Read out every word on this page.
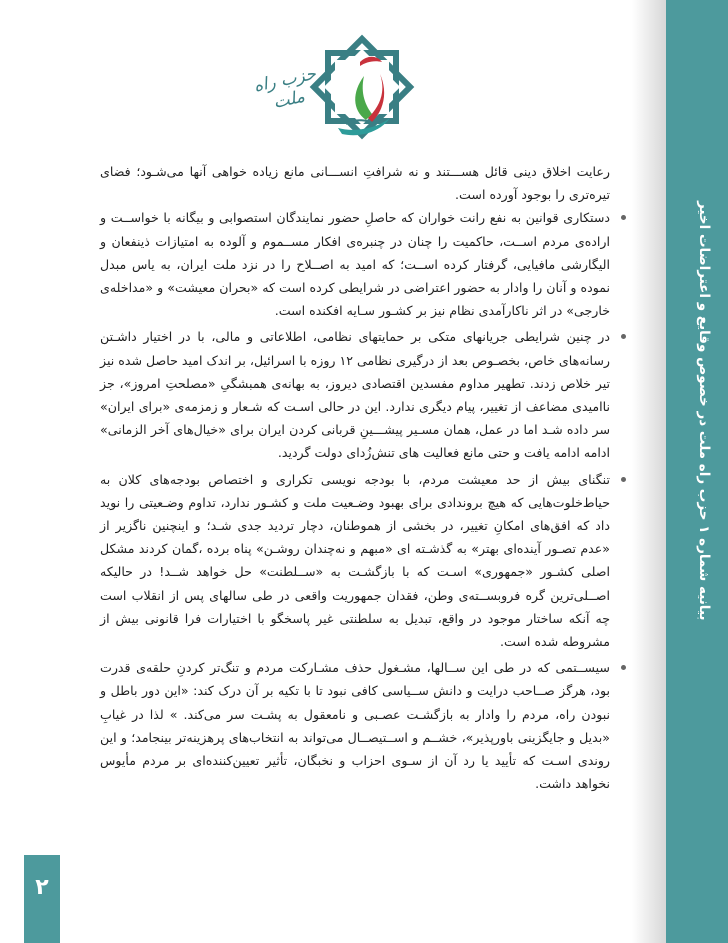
بیانیه شماره ۱ حزب راه ملت در خصوص وقایع و اعتراضات اخیر
۲
حزب راه ملت

رعایت اخلاق دینی قائل هســـتند و نه شرافتِ انســـانی مانع زیاده خواهی آنها می‌شـود؛ فضای تیره‌تری را بوجود آورده است.

دستکاری قوانین به نفع رانت خواران که حاصلِ حضور نمایندگان استصوابی و بیگانه با خواســت و اراده‌ی مردم اســت، حاکمیت را چنان در چنبره‌ی افکار مســموم و آلوده به امتیازات ذینفعان و الیگارشی مافیایی، گرفتار کرده اســت؛ که امید به اصــلاح را در نزد ملت ایران، به یاس مبدل نموده و آنان را وادار به حضور اعتراضی در شرایطی کرده است که «بحران معیشت» و «مداخله‌ی خارجی» در اثر ناکارآمدی نظام نیز بر کشـور سـایه افکنده است.
در چنین شرایطی جریانهای متکی بر حمایتهای نظامی، اطلاعاتی و مالی، با در اختیار داشـتن رسانه‌های خاص، بخصـوص بعد از درگیری نظامی ۱۲ روزه با اسرائیل، بر اندک امید حاصل شده نیز تیر خلاص زدند. تطهیر مداوم مفسدین اقتصادی دیروز، به بهانه‌ی همبشگیِ «مصلحتِ امروز»، جز ناامیدی مضاعف از تغییر، پیام دیگری ندارد. این در حالی اسـت که شـعار و زمزمه‌ی «برای ایران» سر داده شـد اما در عمل، همان مسـیر پیشـــینِ قربانی کردن ایران برای «خیال‌های آخر الزمانی» ادامه ادامه یافت و حتی مانع فعالیت های تنش‌زُدای دولت گردید.
تنگنای بیش از حد معیشت مردم، با بودجه نویسی تکراری و اختصاص بودجه‌های کلان به حیاط‌خلوت‌هایی که هیچ بروندادی برای بهبود وضـعیت ملت و کشـور ندارد، تداوم وضـعیتی را نوید داد که افق‌های امکانِ تغییر، در بخشی از هموطنان، دچار تردید جدی شـد؛ و اینچنین ناگزیر از «عدم تصـور آینده‌ای بهتر» به گذشـته ای «مبهم و نه‌چندان روشـن» پناه برده ،گمان کردند مشکل اصلی کشـور «جمهوری» اسـت که با بازگشـت به «ســلطنت» حل خواهد شــد! در حالیکه اصــلی‌ترین گره فروبســته‌ی وطن، فقدان جمهوریت واقعی در طی سالهای پس از انقلاب است چه آنکه ساختار موجود در واقع، تبدیل به سلطنتی غیر پاسخگو با اختیارات فرا قانونی بیش از مشروطه شده است.
سیســتمی که در طی این ســالها، مشـغول حذف مشـارکت مردم و تنگ‌تر کردنِ حلقه‌ی قدرت بود، هرگز صــاحب درایت و دانش ســیاسی کافی نبود تا با تکیه بر آن درک کند: «این دور باطل و نبودن راه، مردم را وادار به بازگشـت عصـبی و نامعقول به پشـت سر می‌کند. » لذا در غیابِ «بدیل و جایگزینی باورپذیر»، خشــم و اســتیصــال می‌تواند به انتخاب‌های پرهزینه‌تر بینجامد؛ و این روندی اسـت که تأیید یا رد آن از سـوی احزاب و نخبگان، تأثیر تعیین‌کننده‌ای بر مردم مأیوس نخواهد داشت.
